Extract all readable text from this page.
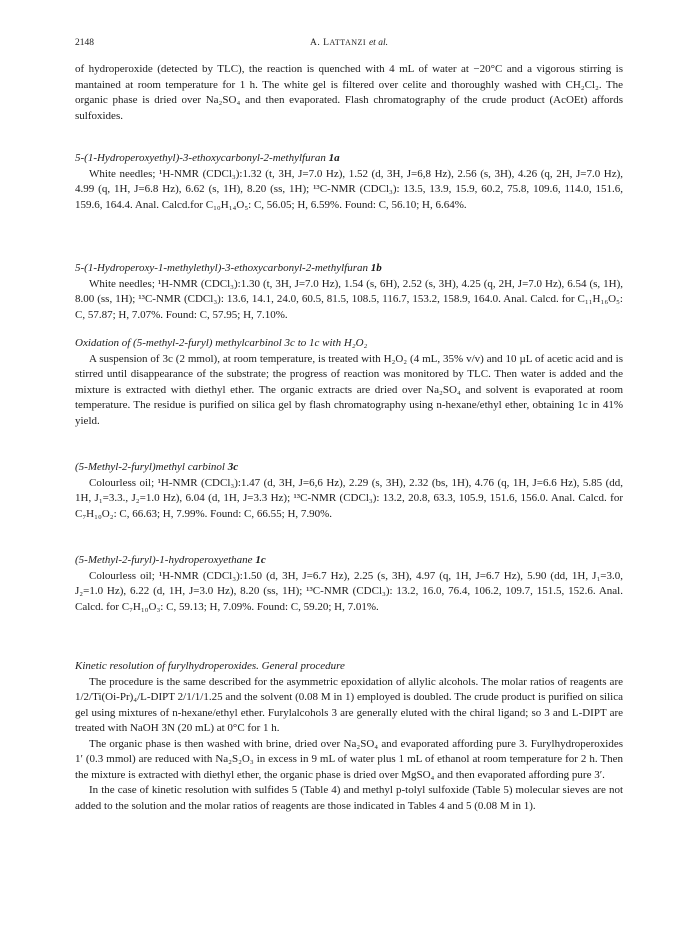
2148	A. LATTANZI et al.

of hydroperoxide (detected by TLC), the reaction is quenched with 4 mL of water at −20°C and a vigorous stirring is mantained at room temperature for 1 h. The white gel is filtered over celite and thoroughly washed with CH₂Cl₂. The organic phase is dried over Na₂SO₄ and then evaporated. Flash chromatography of the crude product (AcOEt) affords sulfoxides.

5-(1-Hydroperoxyethyl)-3-ethoxycarbonyl-2-methylfuran 1a

White needles; ¹H-NMR (CDCl₃):1.32 (t, 3H, J=7.0 Hz), 1.52 (d, 3H, J=6,8 Hz), 2.56 (s, 3H), 4.26 (q, 2H, J=7.0 Hz), 4.99 (q, 1H, J=6.8 Hz), 6.62 (s, 1H), 8.20 (ss, 1H); ¹³C-NMR (CDCl₃): 13.5, 13.9, 15.9, 60.2, 75.8, 109.6, 114.0, 151.6, 159.6, 164.4. Anal. Calcd.for C₁₀H₁₄O₅: C, 56.05; H, 6.59%. Found: C, 56.10; H, 6.64%.

5-(1-Hydroperoxy-1-methylethyl)-3-ethoxycarbonyl-2-methylfuran 1b

White needles; ¹H-NMR (CDCl₃):1.30 (t, 3H, J=7.0 Hz), 1.54 (s, 6H), 2.52 (s, 3H), 4.25 (q, 2H, J=7.0 Hz), 6.54 (s, 1H), 8.00 (ss, 1H); ¹³C-NMR (CDCl₃): 13.6, 14.1, 24.0, 60.5, 81.5, 108.5, 116.7, 153.2, 158.9, 164.0. Anal. Calcd. for C₁₁H₁₆O₅: C, 57.87; H, 7.07%. Found: C, 57.95; H, 7.10%.

Oxidation of (5-methyl-2-furyl) methylcarbinol 3c to 1c with H₂O₂

A suspension of 3c (2 mmol), at room temperature, is treated with H₂O₂ (4 mL, 35% v/v) and 10 µL of acetic acid and is stirred until disappearance of the substrate; the progress of reaction was monitored by TLC. Then water is added and the mixture is extracted with diethyl ether. The organic extracts are dried over Na₂SO₄ and solvent is evaporated at room temperature. The residue is purified on silica gel by flash chromatography using n-hexane/ethyl ether, obtaining 1c in 41% yield.

(5-Methyl-2-furyl)methyl carbinol 3c

Colourless oil; ¹H-NMR (CDCl₃):1.47 (d, 3H, J=6,6 Hz), 2.29 (s, 3H), 2.32 (bs, 1H), 4.76 (q, 1H, J=6.6 Hz), 5.85 (dd, 1H, J₁=3.3., J₂=1.0 Hz), 6.04 (d, 1H, J=3.3 Hz); ¹³C-NMR (CDCl₃): 13.2, 20.8, 63.3, 105.9, 151.6, 156.0. Anal. Calcd. for C₇H₁₀O₂: C, 66.63; H, 7.99%. Found: C, 66.55; H, 7.90%.

(5-Methyl-2-furyl)-1-hydroperoxyethane 1c

Colourless oil; ¹H-NMR (CDCl₃):1.50 (d, 3H, J=6.7 Hz), 2.25 (s, 3H), 4.97 (q, 1H, J=6.7 Hz), 5.90 (dd, 1H, J₁=3.0, J₂=1.0 Hz), 6.22 (d, 1H, J=3.0 Hz), 8.20 (ss, 1H); ¹³C-NMR (CDCl₃): 13.2, 16.0, 76.4, 106.2, 109.7, 151.5, 152.6. Anal. Calcd. for C₇H₁₀O₃: C, 59.13; H, 7.09%. Found: C, 59.20; H, 7.01%.

Kinetic resolution of furylhydroperoxides. General procedure

The procedure is the same described for the asymmetric epoxidation of allylic alcohols. The molar ratios of reagents are 1/2/Ti(Oi-Pr)₄/L-DIPT 2/1/1/1.25 and the solvent (0.08 M in 1) employed is doubled. The crude product is purified on silica gel using mixtures of n-hexane/ethyl ether. Furylalcohols 3 are generally eluted with the chiral ligand; so 3 and L-DIPT are treated with NaOH 3N (20 mL) at 0°C for 1 h.

The organic phase is then washed with brine, dried over Na₂SO₄ and evaporated affording pure 3. Furylhydroperoxides 1′ (0.3 mmol) are reduced with Na₂S₂O₃ in excess in 9 mL of water plus 1 mL of ethanol at room temperature for 2 h. Then the mixture is extracted with diethyl ether, the organic phase is dried over MgSO₄ and then evaporated affording pure 3′.

In the case of kinetic resolution with sulfides 5 (Table 4) and methyl p-tolyl sulfoxide (Table 5) molecular sieves are not added to the solution and the molar ratios of reagents are those indicated in Tables 4 and 5 (0.08 M in 1).
